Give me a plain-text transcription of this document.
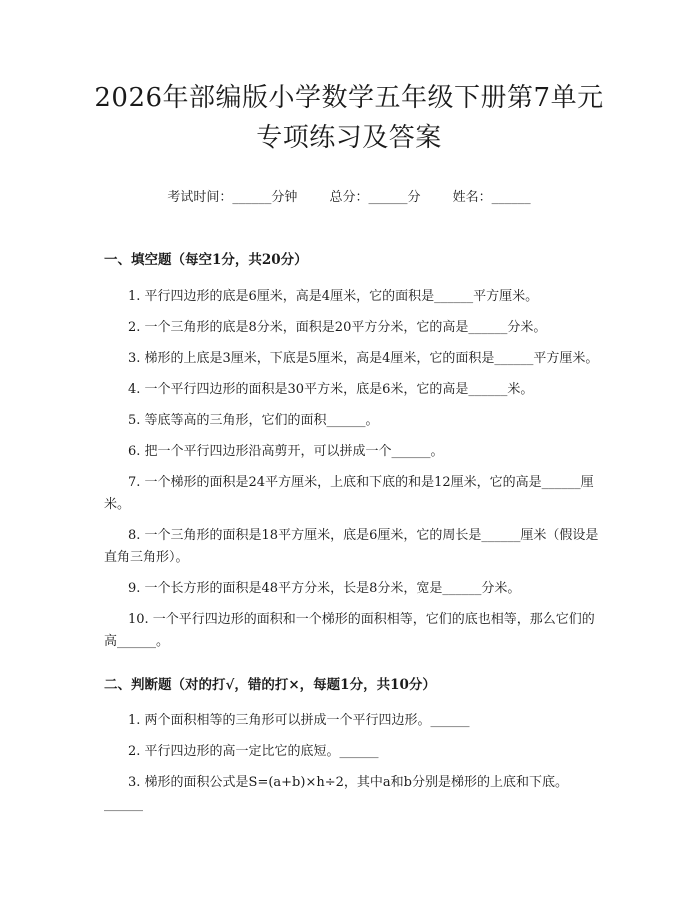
2026年部编版小学数学五年级下册第7单元
专项练习及答案
考试时间：______分钟 总分：______分 姓名：______
一、填空题（每空1分，共20分）
1. 平行四边形的底是6厘米，高是4厘米，它的面积是______平方厘米。
2. 一个三角形的底是8分米，面积是20平方分米，它的高是______分米。
3. 梯形的上底是3厘米，下底是5厘米，高是4厘米，它的面积是______平方厘米。
4. 一个平行四边形的面积是30平方米，底是6米，它的高是______米。
5. 等底等高的三角形，它们的面积______。
6. 把一个平行四边形沿高剪开，可以拼成一个______。
7. 一个梯形的面积是24平方厘米，上底和下底的和是12厘米，它的高是______厘米。
8. 一个三角形的面积是18平方厘米，底是6厘米，它的周长是______厘米（假设是直角三角形）。
9. 一个长方形的面积是48平方分米，长是8分米，宽是______分米。
10. 一个平行四边形的面积和一个梯形的面积相等，它们的底也相等，那么它们的高______。
二、判断题（对的打√，错的打×，每题1分，共10分）
1. 两个面积相等的三角形可以拼成一个平行四边形。______
2. 平行四边形的高一定比它的底短。______
3. 梯形的面积公式是S=(a+b)×h÷2，其中a和b分别是梯形的上底和下底。______
